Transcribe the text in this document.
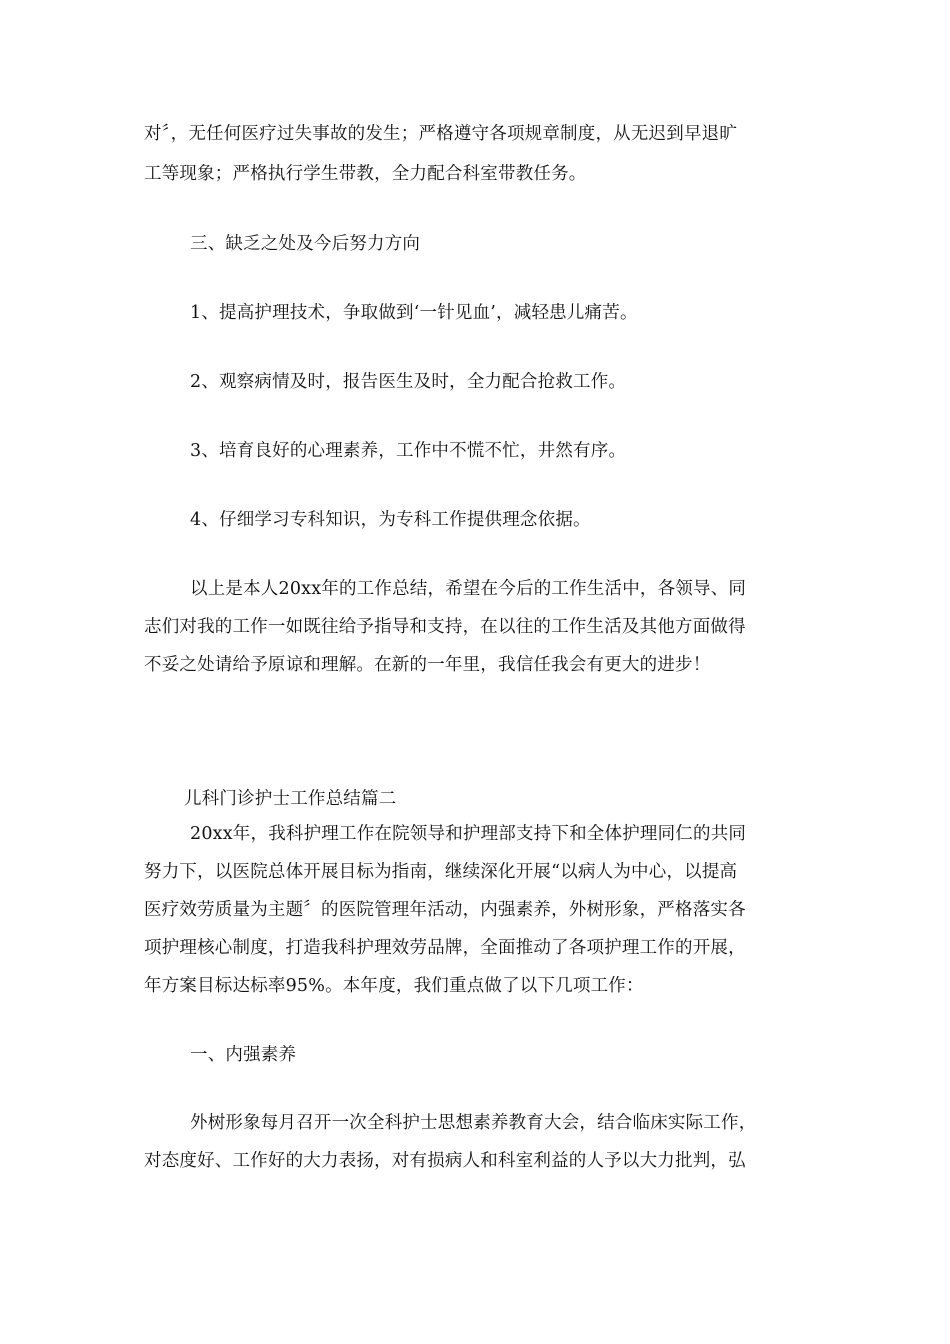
对〞，无任何医疗过失事故的发生；严格遵守各项规章制度，从无迟到早退旷
工等现象；严格执行学生带教，全力配合科室带教任务。
三、缺乏之处及今后努力方向
1、提高护理技术，争取做到‘一针见血’，减轻患儿痛苦。
2、观察病情及时，报告医生及时，全力配合抢救工作。
3、培育良好的心理素养，工作中不慌不忙，井然有序。
4、仔细学习专科知识，为专科工作提供理念依据。
以上是本人20xx年的工作总结，希望在今后的工作生活中，各领导、同
志们对我的工作一如既往给予指导和支持，在以往的工作生活及其他方面做得
不妥之处请给予原谅和理解。在新的一年里，我信任我会有更大的进步！
儿科门诊护士工作总结篇二
20xx年，我科护理工作在院领导和护理部支持下和全体护理同仁的共同
努力下，以医院总体开展目标为指南，继续深化开展“以病人为中心，以提高
医疗效劳质量为主题〞的医院管理年活动，内强素养，外树形象，严格落实各
项护理核心制度，打造我科护理效劳品牌，全面推动了各项护理工作的开展，
年方案目标达标率95%。本年度，我们重点做了以下几项工作：
一、内强素养
外树形象每月召开一次全科护士思想素养教育大会，结合临床实际工作，
对态度好、工作好的大力表扬，对有损病人和科室利益的人予以大力批判，弘
